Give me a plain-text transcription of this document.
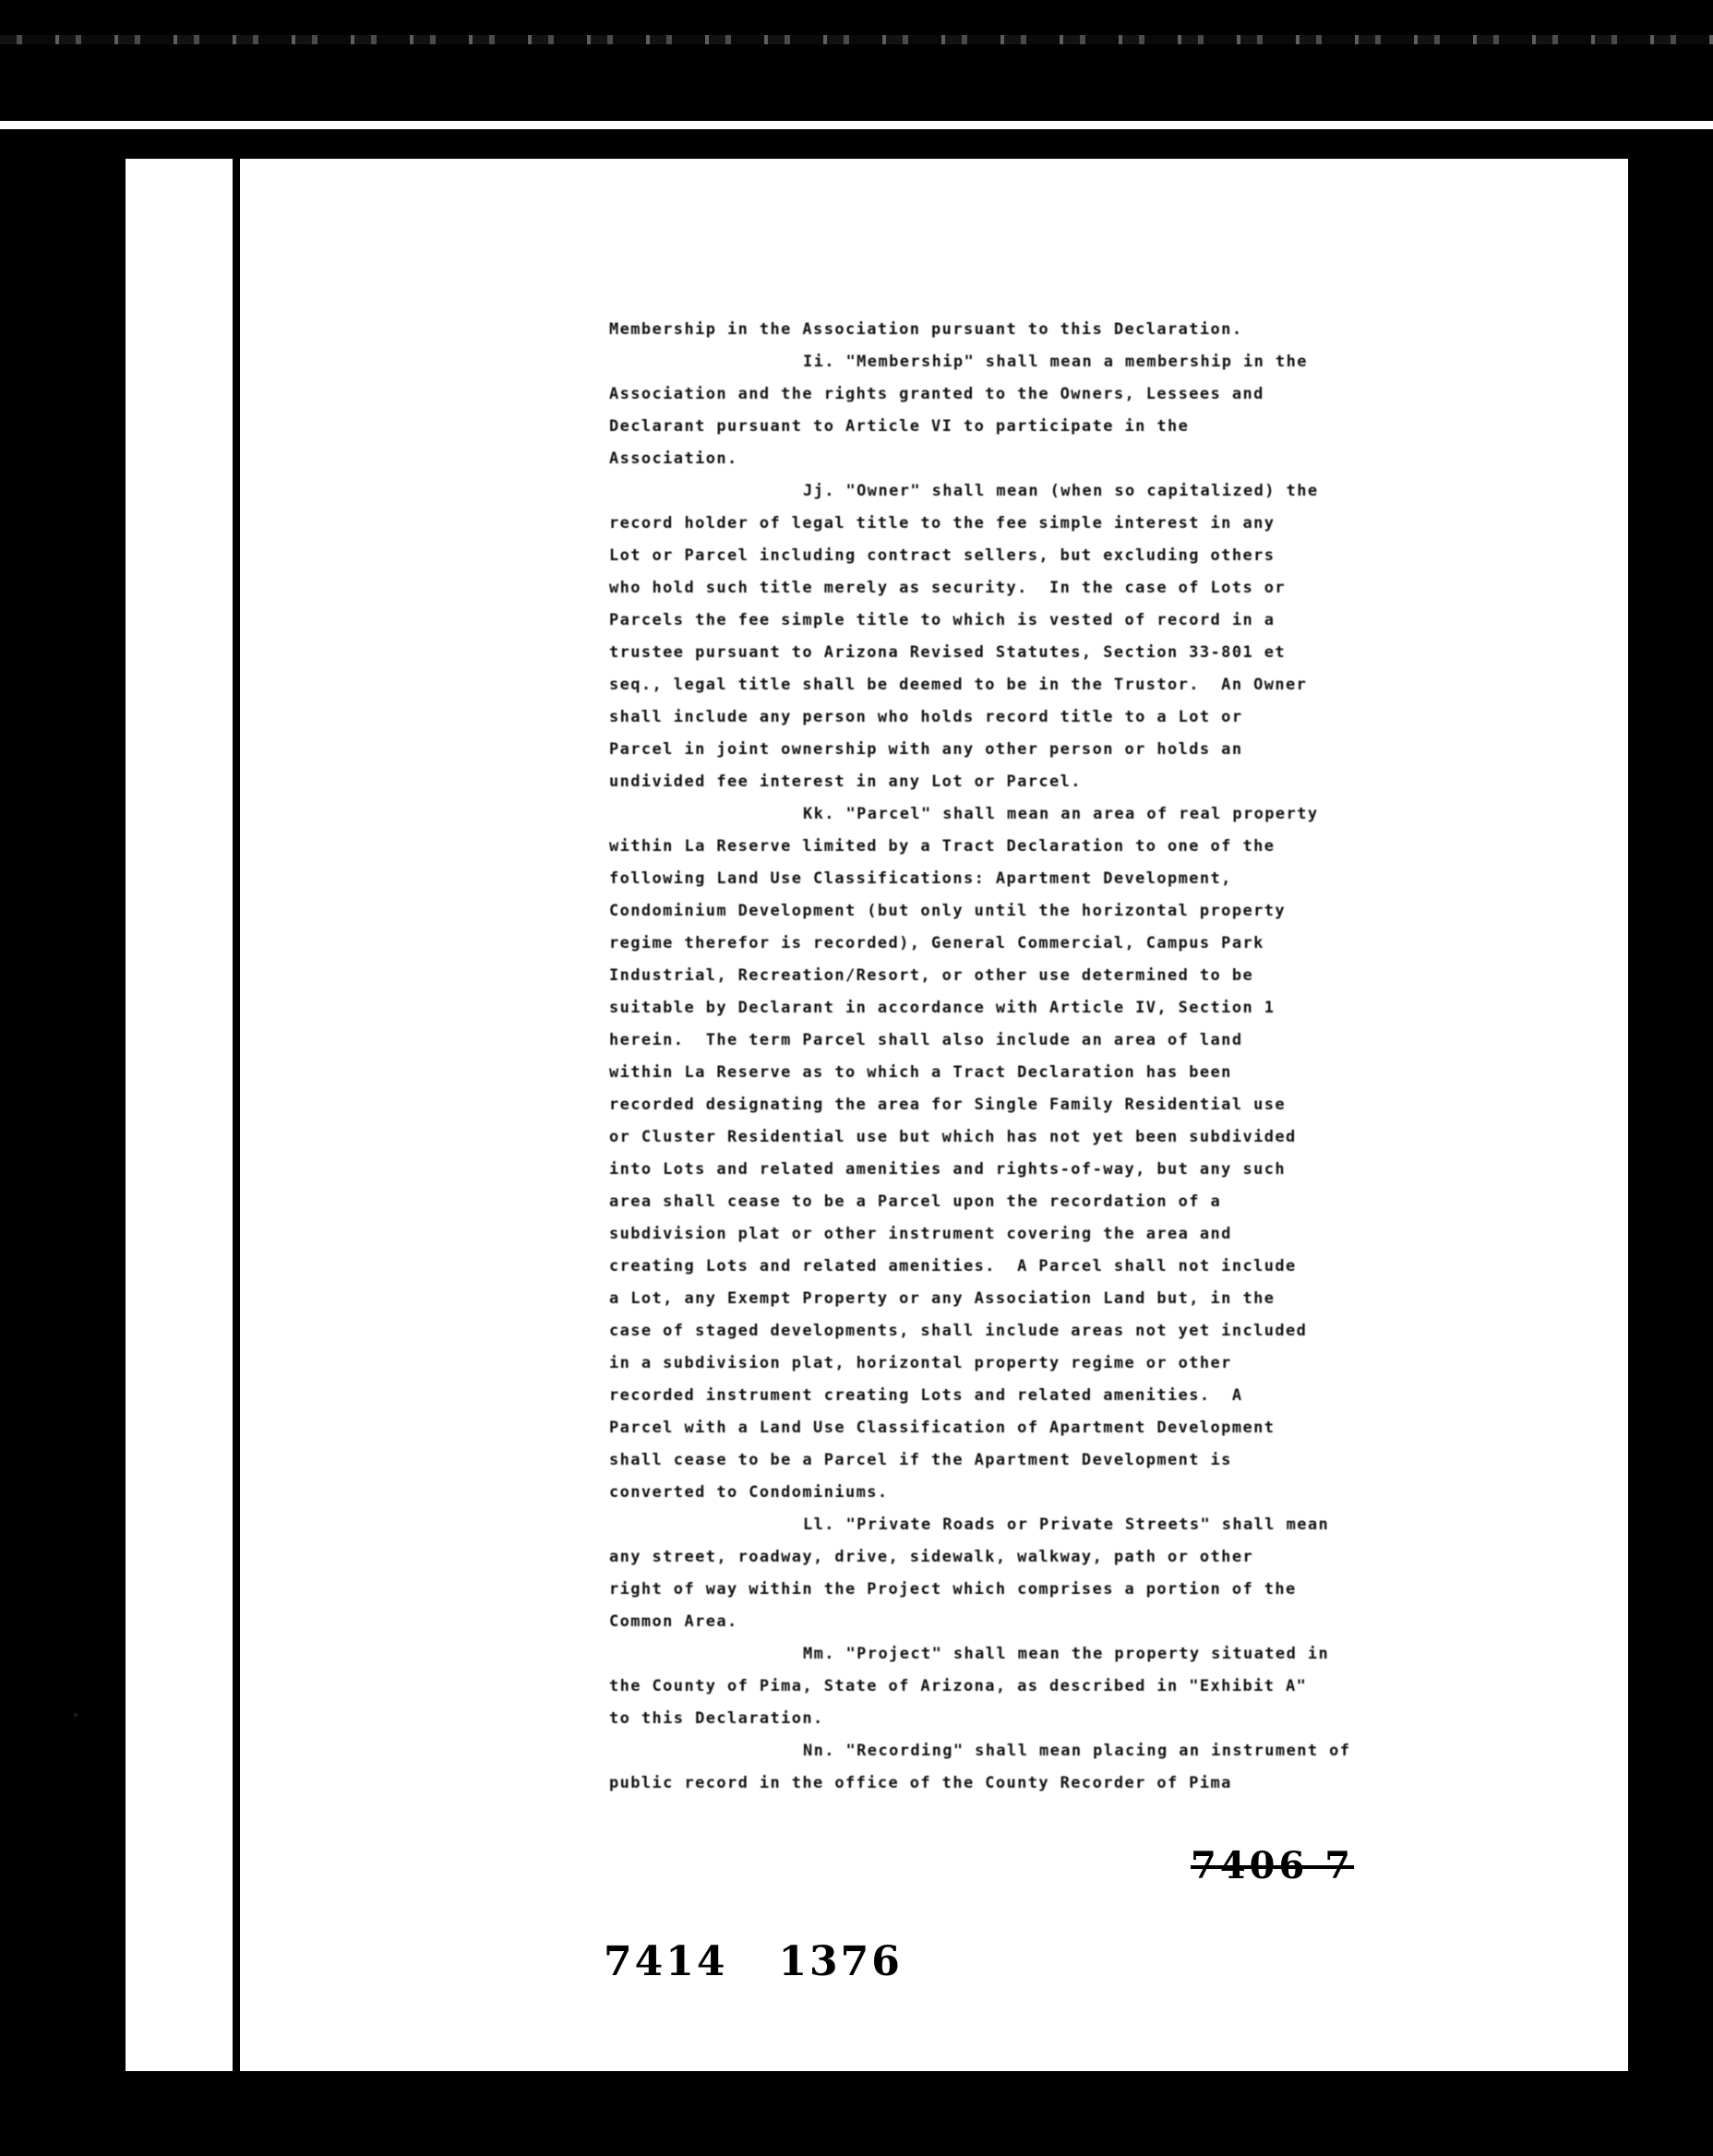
Membership in the Association pursuant to this Declaration.

Ii. "Membership" shall mean a membership in the

Association and the rights granted to the Owners, Lessees and

Declarant pursuant to Article VI to participate in the

Association.

Jj. "Owner" shall mean (when so capitalized) the

record holder of legal title to the fee simple interest in any

Lot or Parcel including contract sellers, but excluding others

who hold such title merely as security.  In the case of Lots or

Parcels the fee simple title to which is vested of record in a

trustee pursuant to Arizona Revised Statutes, Section 33-801 et

seq., legal title shall be deemed to be in the Trustor.  An Owner

shall include any person who holds record title to a Lot or

Parcel in joint ownership with any other person or holds an

undivided fee interest in any Lot or Parcel.

Kk. "Parcel" shall mean an area of real property

within La Reserve limited by a Tract Declaration to one of the

following Land Use Classifications: Apartment Development,

Condominium Development (but only until the horizontal property

regime therefor is recorded), General Commercial, Campus Park

Industrial, Recreation/Resort, or other use determined to be

suitable by Declarant in accordance with Article IV, Section 1

herein.  The term Parcel shall also include an area of land

within La Reserve as to which a Tract Declaration has been

recorded designating the area for Single Family Residential use

or Cluster Residential use but which has not yet been subdivided

into Lots and related amenities and rights-of-way, but any such

area shall cease to be a Parcel upon the recordation of a

subdivision plat or other instrument covering the area and

creating Lots and related amenities.  A Parcel shall not include

a Lot, any Exempt Property or any Association Land but, in the

case of staged developments, shall include areas not yet included

in a subdivision plat, horizontal property regime or other

recorded instrument creating Lots and related amenities.  A

Parcel with a Land Use Classification of Apartment Development

shall cease to be a Parcel if the Apartment Development is

converted to Condominiums.

Ll. "Private Roads or Private Streets" shall mean

any street, roadway, drive, sidewalk, walkway, path or other

right of way within the Project which comprises a portion of the

Common Area.

Mm. "Project" shall mean the property situated in

the County of Pima, State of Arizona, as described in "Exhibit A"

to this Declaration.

Nn. "Recording" shall mean placing an instrument of

public record in the office of the County Recorder of Pima

7406 7
7414 1376
